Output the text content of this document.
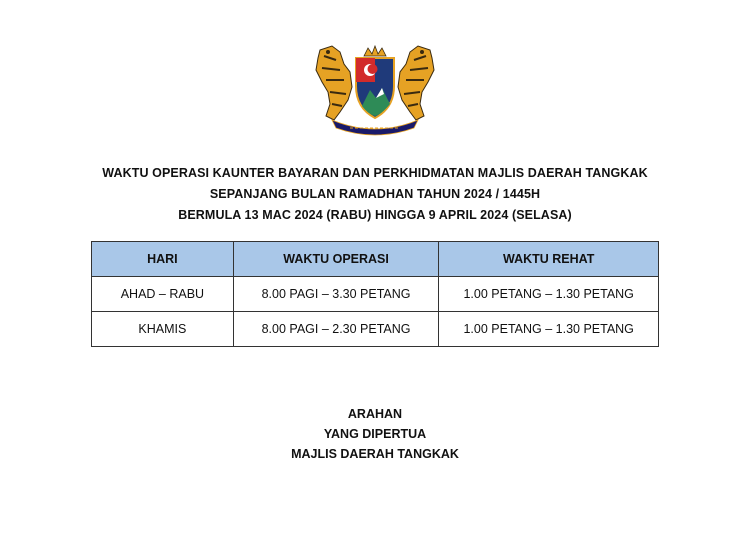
WAKTU OPERASI KAUNTER BAYARAN DAN PERKHIDMATAN MAJLIS DAERAH TANGKAK
SEPANJANG BULAN RAMADHAN TAHUN 2024 / 1445H
BERMULA 13 MAC 2024 (RABU) HINGGA 9 APRIL 2024 (SELASA)
HARI	WAKTU OPERASI	WAKTU REHAT
AHAD – RABU	8.00 PAGI – 3.30 PETANG	1.00 PETANG – 1.30 PETANG
KHAMIS	8.00 PAGI – 2.30 PETANG	1.00 PETANG – 1.30 PETANG
ARAHAN
YANG DIPERTUA
MAJLIS DAERAH TANGKAK
